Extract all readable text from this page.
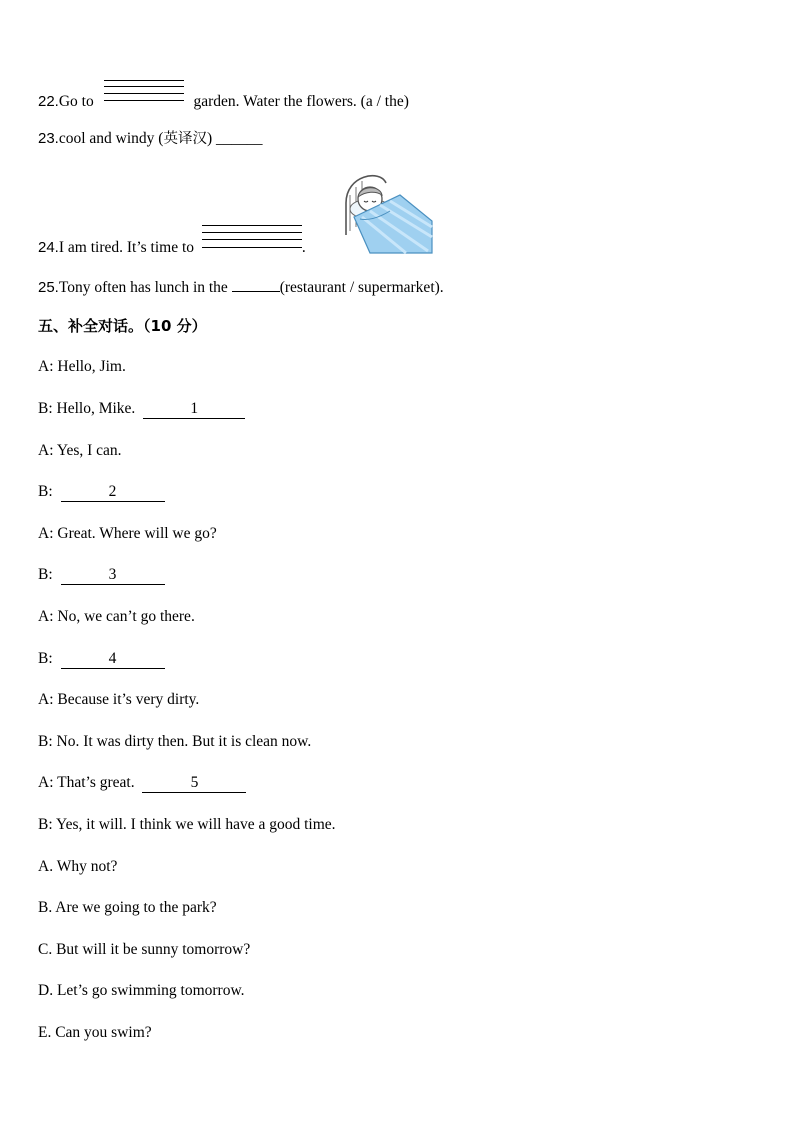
22.Go to	garden. Water the flowers. (a / the)
23.cool and windy (英译汉) ______
24.I am tired. It’s time to	.
25.Tony often has lunch in the	(restaurant / supermarket).
五、补全对话。（10 分）
A: Hello, Jim.
B: Hello, Mike.	1
A: Yes, I can.
B:	2
A: Great. Where will we go?
B:	3
A: No, we can’t go there.
B:	4
A: Because it’s very dirty.
B: No. It was dirty then. But it is clean now.
A: That’s great.	5
B: Yes, it will. I think we will have a good time.
A. Why not?
B. Are we going to the park?
C. But will it be sunny tomorrow?
D. Let’s go swimming tomorrow.
E. Can you swim?
